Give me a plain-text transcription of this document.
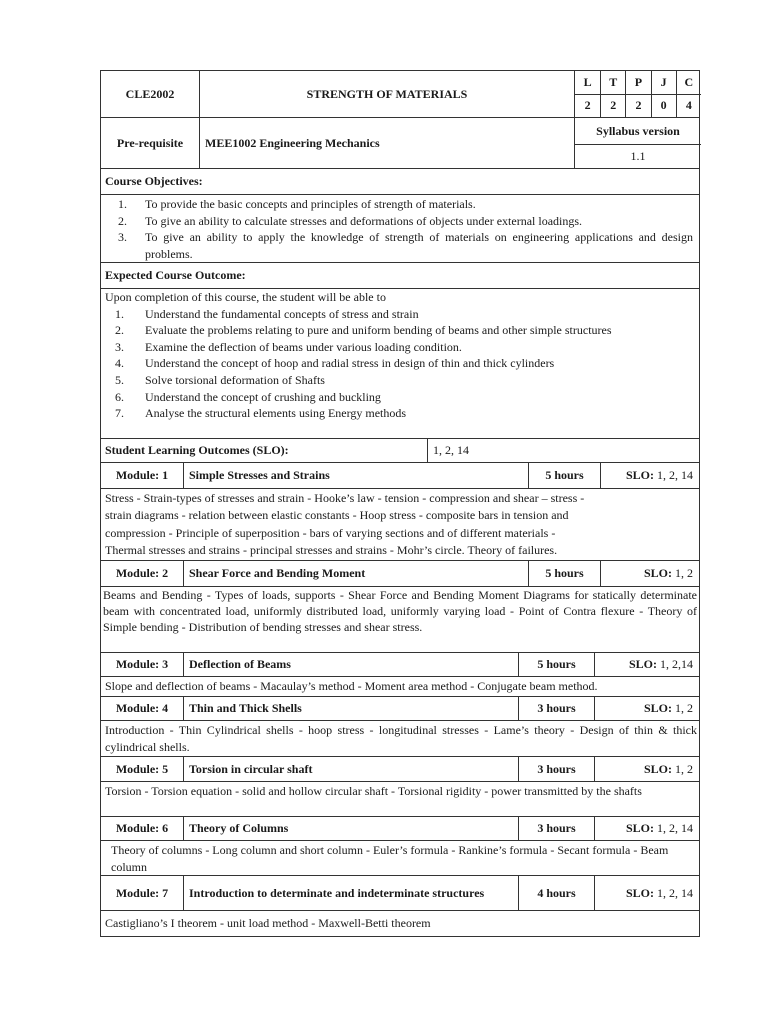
CLE2002	STRENGTH OF MATERIALS
L	T	P	J	C
2	2	2	0	4
Pre-requisite	MEE1002 Engineering Mechanics
Syllabus version
1.1
Course Objectives:
1.	To provide the basic concepts and principles of strength of materials.
2.	To give an ability to calculate stresses and deformations of objects under external loadings.
3.	To give an ability to apply the knowledge of strength of materials on engineering applications and design problems.
Expected Course Outcome:
Upon completion of this course, the student will be able to
1.	Understand the fundamental concepts of stress and strain
2.	Evaluate the problems relating to pure and uniform bending of beams and other simple structures
3.	Examine the deflection of beams under various loading condition.
4.	Understand the concept of hoop and radial stress in design of thin and thick cylinders
5.	Solve torsional deformation of Shafts
6.	Understand the concept of crushing and buckling
7.	Analyse the structural elements using Energy methods
Student Learning Outcomes (SLO):	1, 2, 14
Module: 1	Simple Stresses and Strains	5 hours	SLO:
1, 2, 14
Stress - Strain-types of stresses and strain - Hooke’s law - tension - compression and shear – stress -
strain diagrams - relation between elastic constants - Hoop stress - composite bars in tension and
compression - Principle of superposition - bars of varying sections and of different materials -
Thermal stresses and strains - principal stresses and strains - Mohr’s circle. Theory of failures.
Module: 2	Shear Force and Bending Moment	5 hours	SLO:
1, 2
Beams and Bending - Types of loads, supports - Shear Force and Bending Moment Diagrams for statically determinate beam with concentrated load, uniformly distributed load, uniformly varying load - Point of Contra flexure - Theory of Simple bending - Distribution of bending stresses and shear stress.
Module: 3	Deflection of Beams	5 hours	SLO:
1, 2,14
Slope and deflection of beams - Macaulay’s method - Moment area method - Conjugate beam method.
Module: 4	Thin and Thick Shells	3 hours	SLO:
1, 2
Introduction - Thin Cylindrical shells - hoop stress - longitudinal stresses - Lame’s theory - Design of thin & thick cylindrical shells.
Module: 5	Torsion in circular shaft	3 hours	SLO:
1, 2
Torsion - Torsion equation - solid and hollow circular shaft - Torsional rigidity - power transmitted by the shafts
Module: 6	Theory of Columns	3 hours	SLO:
1, 2, 14
Theory of columns - Long column and short column - Euler’s formula - Rankine’s formula - Secant formula - Beam column
Module: 7	Introduction to determinate and indeterminate structures	4 hours	SLO:
1, 2, 14
Castigliano’s I theorem - unit load method - Maxwell-Betti theorem
